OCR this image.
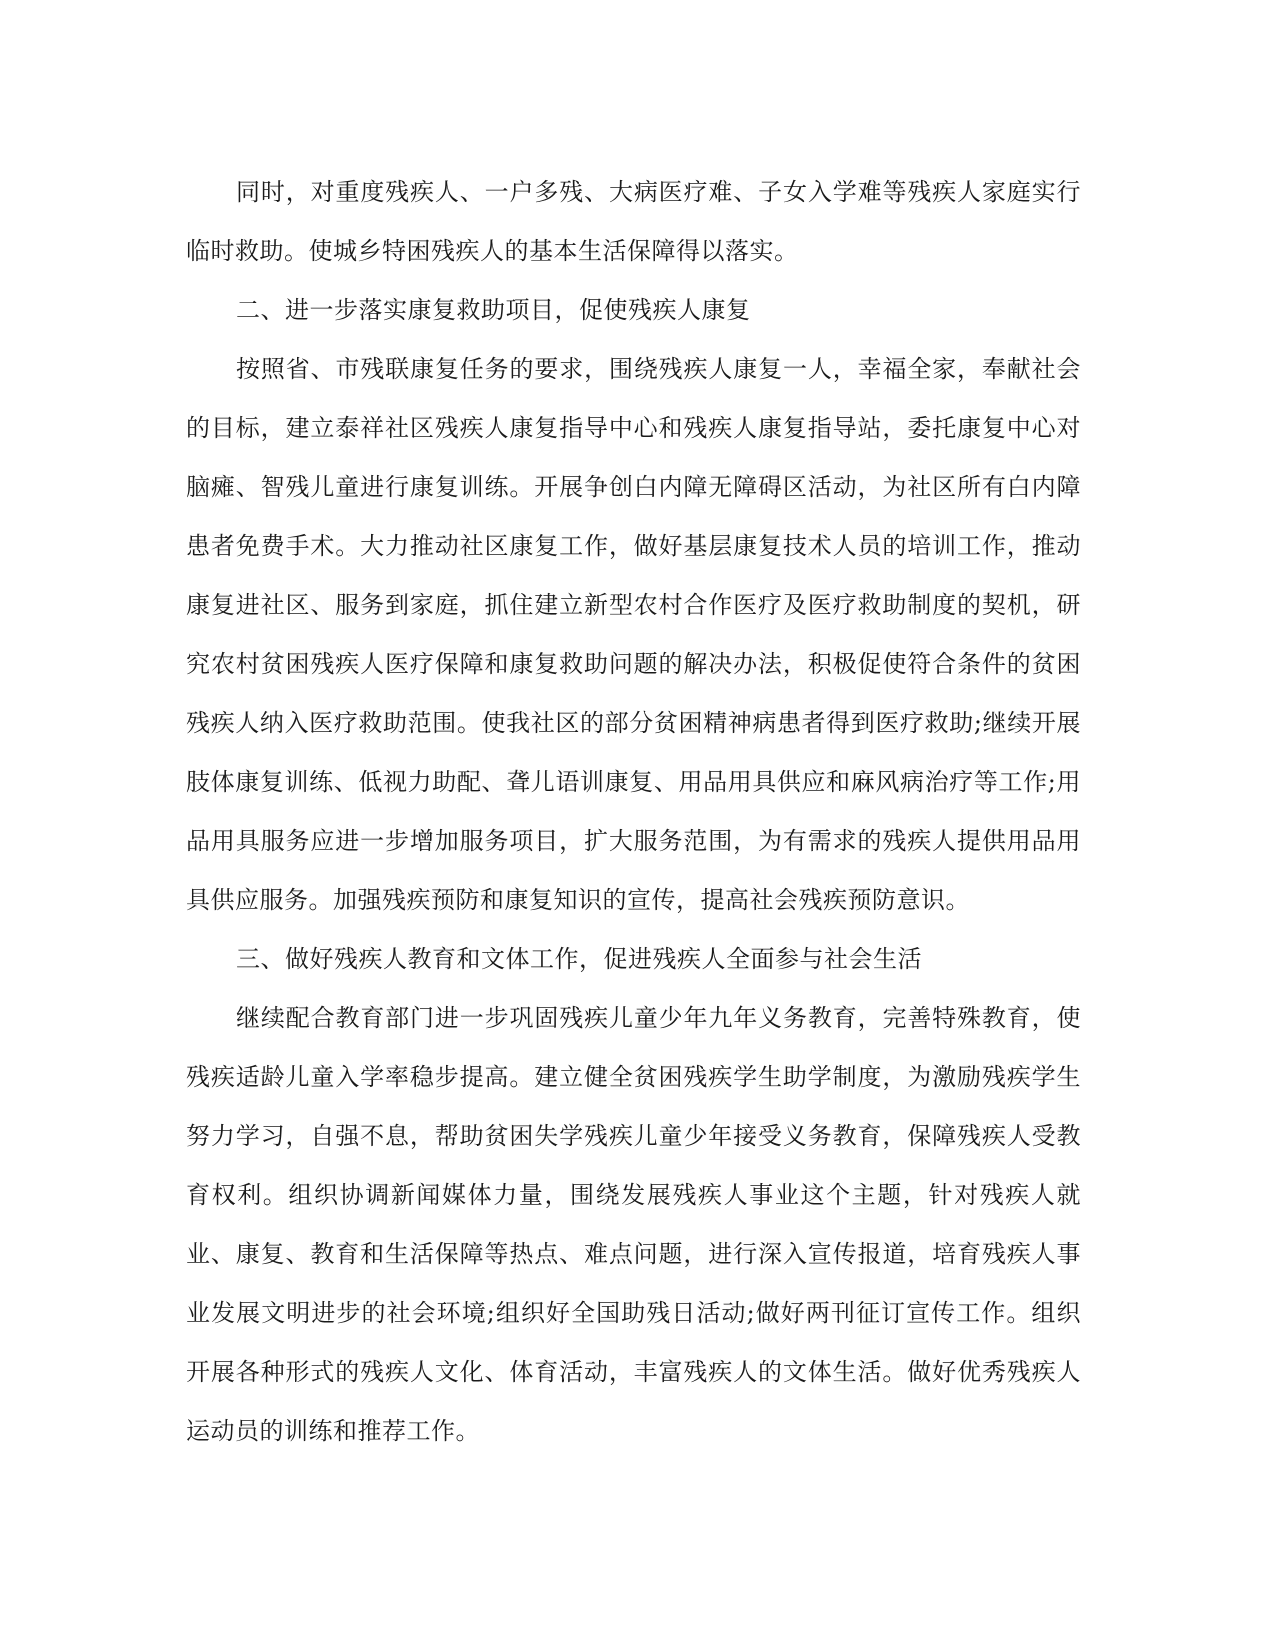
同时，对重度残疾人、一户多残、大病医疗难、子女入学难等残疾人家庭实行临时救助。使城乡特困残疾人的基本生活保障得以落实。

二、进一步落实康复救助项目，促使残疾人康复

按照省、市残联康复任务的要求，围绕残疾人康复一人，幸福全家，奉献社会的目标，建立泰祥社区残疾人康复指导中心和残疾人康复指导站，委托康复中心对脑瘫、智残儿童进行康复训练。开展争创白内障无障碍区活动，为社区所有白内障患者免费手术。大力推动社区康复工作，做好基层康复技术人员的培训工作，推动康复进社区、服务到家庭，抓住建立新型农村合作医疗及医疗救助制度的契机，研究农村贫困残疾人医疗保障和康复救助问题的解决办法，积极促使符合条件的贫困残疾人纳入医疗救助范围。使我社区的部分贫困精神病患者得到医疗救助;继续开展肢体康复训练、低视力助配、聋儿语训康复、用品用具供应和麻风病治疗等工作;用品用具服务应进一步增加服务项目，扩大服务范围，为有需求的残疾人提供用品用具供应服务。加强残疾预防和康复知识的宣传，提高社会残疾预防意识。

三、做好残疾人教育和文体工作，促进残疾人全面参与社会生活

继续配合教育部门进一步巩固残疾儿童少年九年义务教育，完善特殊教育，使残疾适龄儿童入学率稳步提高。建立健全贫困残疾学生助学制度，为激励残疾学生努力学习，自强不息，帮助贫困失学残疾儿童少年接受义务教育，保障残疾人受教育权利。组织协调新闻媒体力量，围绕发展残疾人事业这个主题，针对残疾人就业、康复、教育和生活保障等热点、难点问题，进行深入宣传报道，培育残疾人事业发展文明进步的社会环境;组织好全国助残日活动;做好两刊征订宣传工作。组织开展各种形式的残疾人文化、体育活动，丰富残疾人的文体生活。做好优秀残疾人运动员的训练和推荐工作。
